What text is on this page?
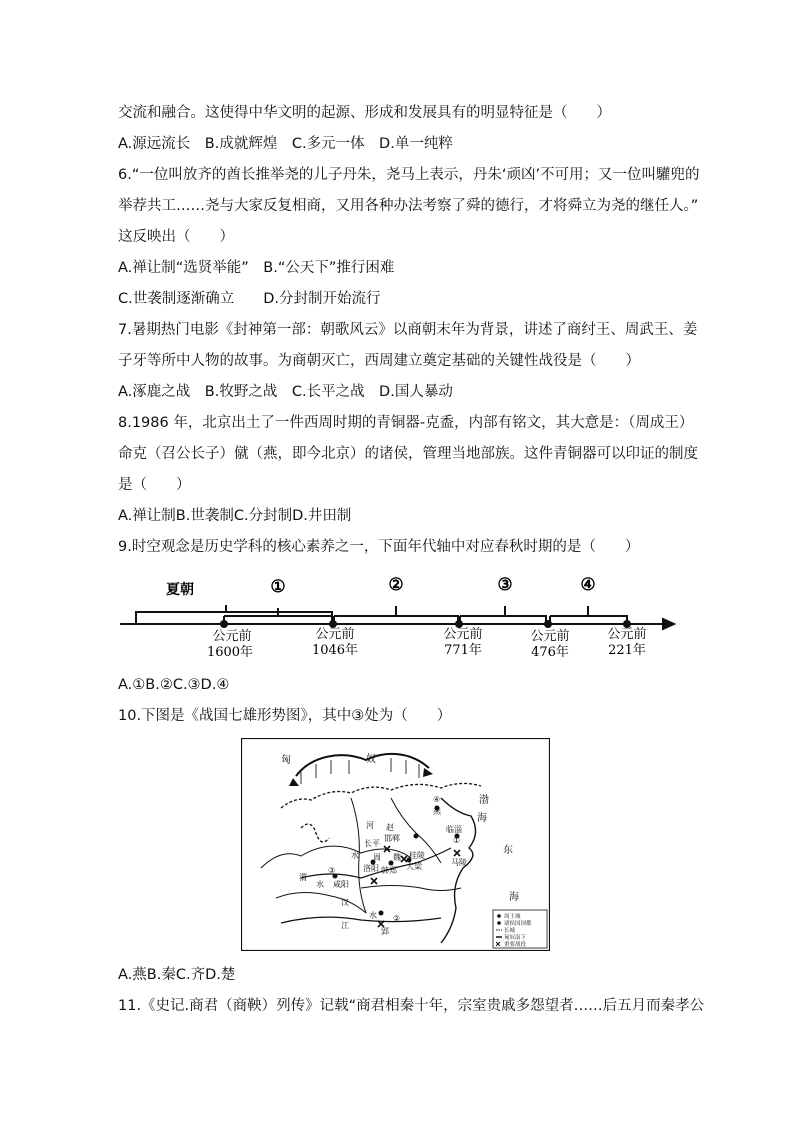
交流和融合。这使得中华文明的起源、形成和发展具有的明显特征是（　　）
A.源远流长　B.成就辉煌　C.多元一体　D.单一纯粹
6.“一位叫放齐的酋长推举尧的儿子丹朱，尧马上表示，丹朱‘顽凶’不可用；又一位叫驩兜的
举荐共工……尧与大家反复相商，又用各种办法考察了舜的德行，才将舜立为尧的继任人。”
这反映出（　　）
A.禅让制“选贤举能”　B.“公天下”推行困难
C.世袭制逐渐确立　　D.分封制开始流行
7.暑期热门电影《封神第一部：朝歌风云》以商朝末年为背景，讲述了商纣王、周武王、姜
子牙等所中人物的故事。为商朝灭亡，西周建立奠定基础的关键性战役是（　　）
A.涿鹿之战　B.牧野之战　C.长平之战　D.国人暴动
8.1986 年，北京出土了一件西周时期的青铜器-克盉，内部有铭文，其大意是：（周成王）
命克（召公长子）僦（燕，即今北京）的诸侯，管理当地部族。这件青铜器可以印证的制度
是（　　）
A.禅让制B.世袭制C.分封制D.井田制
9.时空观念是历史学科的核心素养之一，下面年代轴中对应春秋时期的是（　　）
A.①B.②C.③D.④
10.下图是《战国七雄形势图》，其中③处为（　　）
A.燕B.秦C.齐D.楚
11.《史记.商君（商鞅）列传》记载“商君相秦十年，宗室贵戚多怨望者……后五月而秦孝公
夏朝	①	②	③	④
公元前
1600年
公元前
1046年
公元前
771年
公元前
476年
公元前
221年
匈	奴
渤
海
东
海
④
燕
赵
邯郸
长平
临淄
①
周 魏 桂陵
大梁	马陵
洛阳 韩郑
③
咸阳
水
渭
河
水
汉
江
水 ②
郢
周王城
诸侯国国都
长城
匈奴南下
重要战役
